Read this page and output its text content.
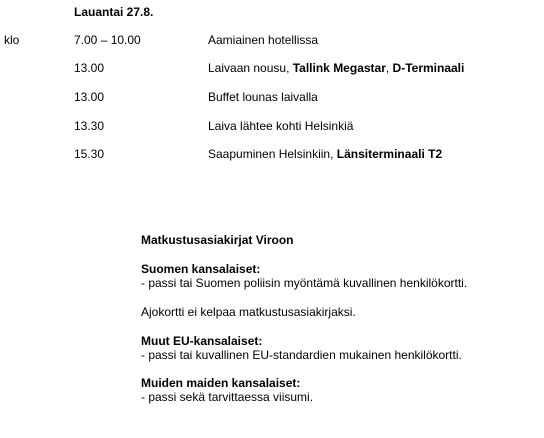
Lauantai 27.8.
klo	7.00 – 10.00	Aamiainen hotellissa
13.00	Laivaan nousu, Tallink Megastar, D-Terminaali
13.00	Buffet lounas laivalla
13.30	Laiva lähtee kohti Helsinkiä
15.30	Saapuminen Helsinkiin, Länsiterminaali T2
Matkustusasiakirjat Viroon
Suomen kansalaiset:
- passi tai Suomen poliisin myöntämä kuvallinen henkilökortti.
Ajokortti ei kelpaa matkustusasiakirjaksi.
Muut EU-kansalaiset:
- passi tai kuvallinen EU-standardien mukainen henkilökortti.
Muiden maiden kansalaiset:
- passi sekä tarvittaessa viisumi.
